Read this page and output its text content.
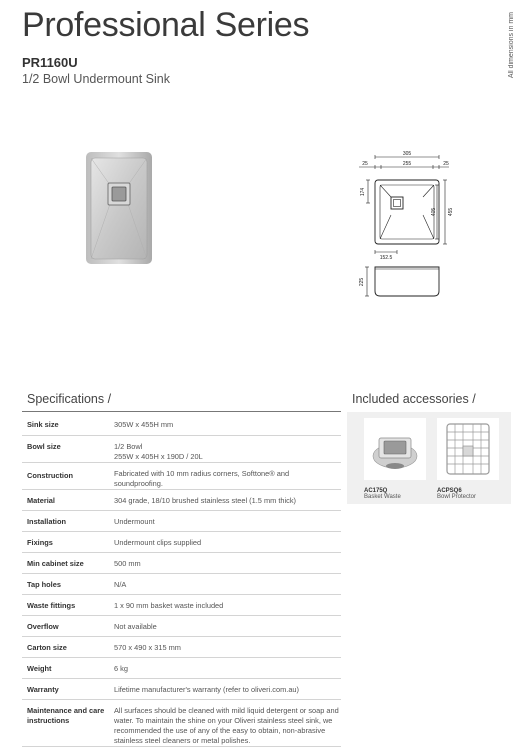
Professional Series
PR1160U
1/2 Bowl Undermount Sink
All dimensions in mm
305
25	255	25
152.5
174
405 455
225
Specifications /
Sink size	305W x 455H mm
Bowl size	1/2 Bowl
255W x 405H x 190D / 20L
Construction	Fabricated with 10 mm radius corners, Softtone® and soundproofing.
Material	304 grade, 18/10 brushed stainless steel (1.5 mm thick)
Installation	Undermount
Fixings	Undermount clips supplied
Min cabinet size	500 mm
Tap holes	N/A
Waste fittings	1 x 90 mm basket waste included
Overflow	Not available
Carton size	570 x 490 x 315 mm
Weight	6 kg
Warranty	Lifetime manufacturer's warranty (refer to oliveri.com.au)
Maintenance and care instructions	All surfaces should be cleaned with mild liquid detergent or soap and water. To maintain the shine on your Oliveri stainless steel sink, we recommended the use of any of the easy to obtain, non-abrasive stainless steel cleaners or metal polishes.
Included accessories /
AC175Q
Basket Waste
ACPSQ6
Bowl Protector
